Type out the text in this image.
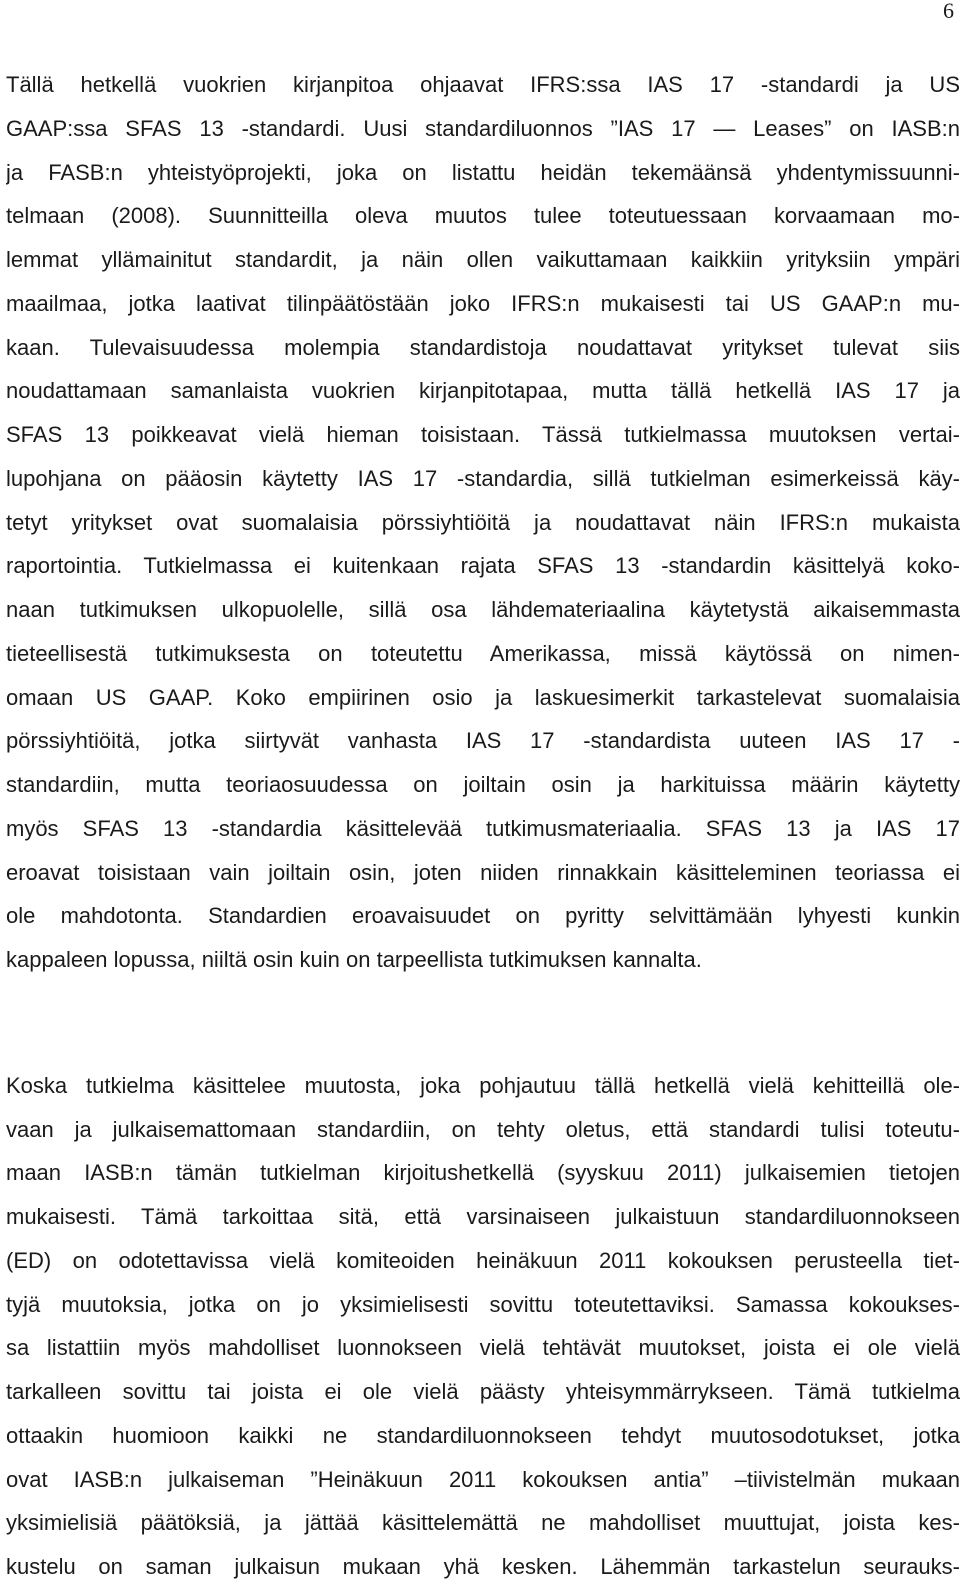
6
Tällä hetkellä vuokrien kirjanpitoa ohjaavat IFRS:ssa IAS 17 -standardi ja US
GAAP:ssa SFAS 13 -standardi. Uusi standardiluonnos ”IAS 17 — Leases” on IASB:n
ja FASB:n yhteistyöprojekti, joka on listattu heidän tekemäänsä yhdentymissuunni-
telmaan (2008). Suunnitteilla oleva muutos tulee toteutuessaan korvaamaan mo-
lemmat yllämainitut standardit, ja näin ollen vaikuttamaan kaikkiin yrityksiin ympäri
maailmaa, jotka laativat tilinpäätöstään joko IFRS:n mukaisesti tai US GAAP:n mu-
kaan. Tulevaisuudessa molempia standardistoja noudattavat yritykset tulevat siis
noudattamaan samanlaista vuokrien kirjanpitotapaa, mutta tällä hetkellä IAS 17 ja
SFAS 13 poikkeavat vielä hieman toisistaan. Tässä tutkielmassa muutoksen vertai-
lupohjana on pääosin käytetty IAS 17 -standardia, sillä tutkielman esimerkeissä käy-
tetyt yritykset ovat suomalaisia pörssiyhtiöitä ja noudattavat näin IFRS:n mukaista
raportointia. Tutkielmassa ei kuitenkaan rajata SFAS 13 -standardin käsittelyä koko-
naan tutkimuksen ulkopuolelle, sillä osa lähdemateriaalina käytetystä aikaisemmasta
tieteellisestä tutkimuksesta on toteutettu Amerikassa, missä käytössä on nimen-
omaan US GAAP. Koko empiirinen osio ja laskuesimerkit tarkastelevat suomalaisia
pörssiyhtiöitä, jotka siirtyvät vanhasta IAS 17 -standardista uuteen IAS 17 -
standardiin, mutta teoriaosuudessa on joiltain osin ja harkituissa määrin käytetty
myös SFAS 13 -standardia käsittelevää tutkimusmateriaalia. SFAS 13 ja IAS 17
eroavat toisistaan vain joiltain osin, joten niiden rinnakkain käsitteleminen teoriassa ei
ole mahdotonta. Standardien eroavaisuudet on pyritty selvittämään lyhyesti kunkin
kappaleen lopussa, niiltä osin kuin on tarpeellista tutkimuksen kannalta.
Koska tutkielma käsittelee muutosta, joka pohjautuu tällä hetkellä vielä kehitteillä ole-
vaan ja julkaisemattomaan standardiin, on tehty oletus, että standardi tulisi toteutu-
maan IASB:n tämän tutkielman kirjoitushetkellä (syyskuu 2011) julkaisemien tietojen
mukaisesti. Tämä tarkoittaa sitä, että varsinaiseen julkaistuun standardiluonnokseen
(ED) on odotettavissa vielä komiteoiden heinäkuun 2011 kokouksen perusteella tiet-
tyjä muutoksia, jotka on jo yksimielisesti sovittu toteutettaviksi. Samassa kokoukses-
sa listattiin myös mahdolliset luonnokseen vielä tehtävät muutokset, joista ei ole vielä
tarkalleen sovittu tai joista ei ole vielä päästy yhteisymmärrykseen. Tämä tutkielma
ottaakin huomioon kaikki ne standardiluonnokseen tehdyt muutosodotukset, jotka
ovat IASB:n julkaiseman ”Heinäkuun 2011 kokouksen antia” –tiivistelmän mukaan
yksimielisiä päätöksiä, ja jättää käsittelemättä ne mahdolliset muuttujat, joista kes-
kustelu on saman julkaisun mukaan yhä kesken. Lähemmän tarkastelun seurauks-
